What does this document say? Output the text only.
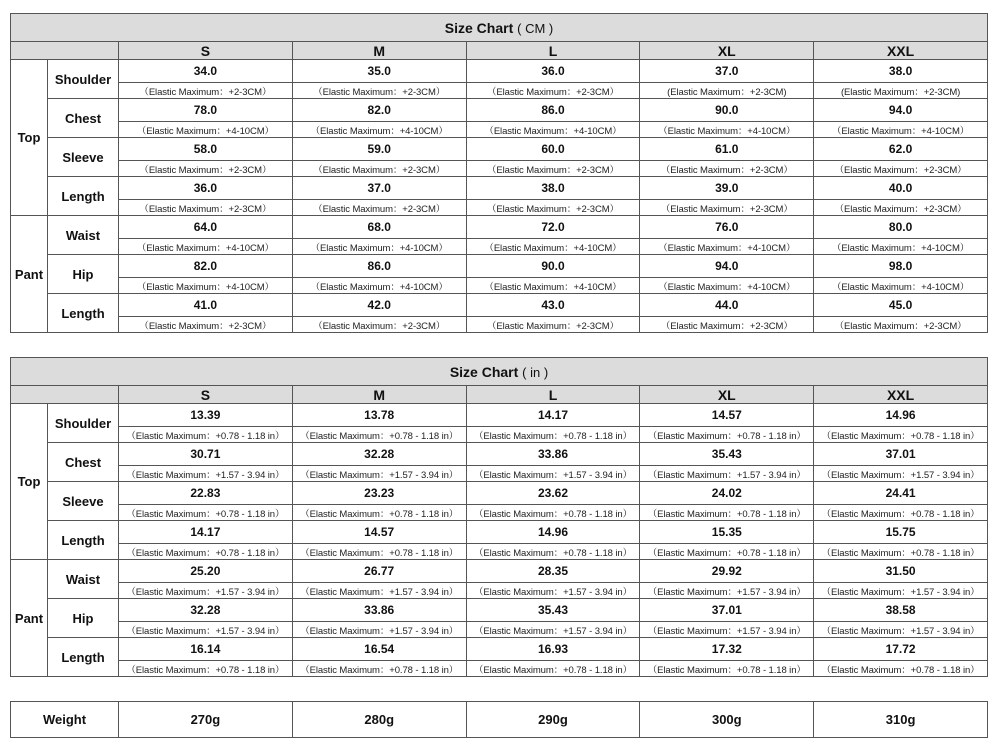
Size Chart ( CM )						
		S	M	L	XL	XXL
Top	Shoulder	34.0	35.0	36.0	37.0	38.0
		（Elastic Maximum：+2-3CM）	（Elastic Maximum：+2-3CM）	（Elastic Maximum：+2-3CM）	(Elastic Maximum：+2-3CM)	(Elastic Maximum：+2-3CM)
	Chest	78.0	82.0	86.0	90.0	94.0
		（Elastic Maximum：+4-10CM）	（Elastic Maximum：+4-10CM）	（Elastic Maximum：+4-10CM）	（Elastic Maximum：+4-10CM）	（Elastic Maximum：+4-10CM）
	Sleeve	58.0	59.0	60.0	61.0	62.0
		（Elastic Maximum：+2-3CM）	（Elastic Maximum：+2-3CM）	（Elastic Maximum：+2-3CM）	（Elastic Maximum：+2-3CM）	（Elastic Maximum：+2-3CM）
	Length	36.0	37.0	38.0	39.0	40.0
		（Elastic Maximum：+2-3CM）	（Elastic Maximum：+2-3CM）	（Elastic Maximum：+2-3CM）	（Elastic Maximum：+2-3CM）	（Elastic Maximum：+2-3CM）
Pant	Waist	64.0	68.0	72.0	76.0	80.0
		（Elastic Maximum：+4-10CM）	（Elastic Maximum：+4-10CM）	（Elastic Maximum：+4-10CM）	（Elastic Maximum：+4-10CM）	（Elastic Maximum：+4-10CM）
	Hip	82.0	86.0	90.0	94.0	98.0
		（Elastic Maximum：+4-10CM）	（Elastic Maximum：+4-10CM）	（Elastic Maximum：+4-10CM）	（Elastic Maximum：+4-10CM）	（Elastic Maximum：+4-10CM）
	Length	41.0	42.0	43.0	44.0	45.0
		（Elastic Maximum：+2-3CM）	（Elastic Maximum：+2-3CM）	（Elastic Maximum：+2-3CM）	（Elastic Maximum：+2-3CM）	（Elastic Maximum：+2-3CM）
Size Chart ( in )						
		S	M	L	XL	XXL
Top	Shoulder	13.39	13.78	14.17	14.57	14.96
		（Elastic Maximum：+0.78 - 1.18 in）	（Elastic Maximum：+0.78 - 1.18 in）	（Elastic Maximum：+0.78 - 1.18 in）	（Elastic Maximum：+0.78 - 1.18 in）	（Elastic Maximum：+0.78 - 1.18 in）
	Chest	30.71	32.28	33.86	35.43	37.01
		（Elastic Maximum：+1.57 - 3.94 in）	（Elastic Maximum：+1.57 - 3.94 in）	（Elastic Maximum：+1.57 - 3.94 in）	（Elastic Maximum：+1.57 - 3.94 in）	（Elastic Maximum：+1.57 - 3.94 in）
	Sleeve	22.83	23.23	23.62	24.02	24.41
		（Elastic Maximum：+0.78 - 1.18 in）	（Elastic Maximum：+0.78 - 1.18 in）	（Elastic Maximum：+0.78 - 1.18 in）	（Elastic Maximum：+0.78 - 1.18 in）	（Elastic Maximum：+0.78 - 1.18 in）
	Length	14.17	14.57	14.96	15.35	15.75
		（Elastic Maximum：+0.78 - 1.18 in）	（Elastic Maximum：+0.78 - 1.18 in）	（Elastic Maximum：+0.78 - 1.18 in）	（Elastic Maximum：+0.78 - 1.18 in）	（Elastic Maximum：+0.78 - 1.18 in）
Pant	Waist	25.20	26.77	28.35	29.92	31.50
		（Elastic Maximum：+1.57 - 3.94 in）	（Elastic Maximum：+1.57 - 3.94 in）	（Elastic Maximum：+1.57 - 3.94 in）	（Elastic Maximum：+1.57 - 3.94 in）	（Elastic Maximum：+1.57 - 3.94 in）
	Hip	32.28	33.86	35.43	37.01	38.58
		（Elastic Maximum：+1.57 - 3.94 in）	（Elastic Maximum：+1.57 - 3.94 in）	（Elastic Maximum：+1.57 - 3.94 in）	（Elastic Maximum：+1.57 - 3.94 in）	（Elastic Maximum：+1.57 - 3.94 in）
	Length	16.14	16.54	16.93	17.32	17.72
		（Elastic Maximum：+0.78 - 1.18 in）	（Elastic Maximum：+0.78 - 1.18 in）	（Elastic Maximum：+0.78 - 1.18 in）	（Elastic Maximum：+0.78 - 1.18 in）	（Elastic Maximum：+0.78 - 1.18 in）
Weight	270g	280g	290g	300g	310g
